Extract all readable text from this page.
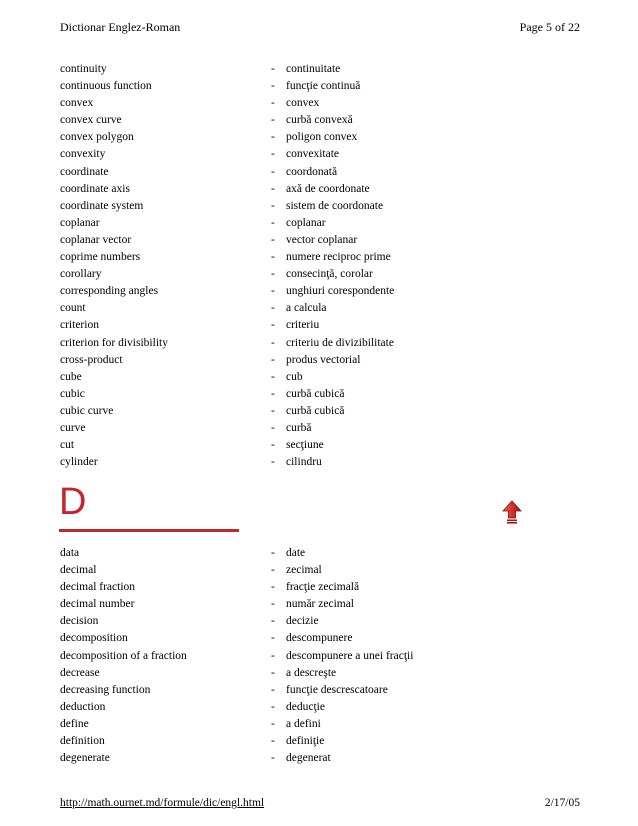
Dictionar Englez-Roman	Page 5 of 22
continuity	- continuitate
continuous function	- funcţie continuă
convex	- convex
convex curve	- curbă convexă
convex polygon	- poligon convex
convexity	- convexitate
coordinate	- coordonată
coordinate axis	- axă de coordonate
coordinate system	- sistem de coordonate
coplanar	- coplanar
coplanar vector	- vector coplanar
coprime numbers	- numere reciproc prime
corollary	- consecinţă, corolar
corresponding angles	- unghiuri corespondente
count	- a calcula
criterion	- criteriu
criterion for divisibility	- criteriu de divizibilitate
cross-product	- produs vectorial
cube	- cub
cubic	- curbă cubică
cubic curve	- curbă cubică
curve	- curbă
cut	- secţiune
cylinder	- cilindru
D
data	- date
decimal	- zecimal
decimal fraction	- fracţie zecimală
decimal number	- număr zecimal
decision	- decizie
decomposition	- descompunere
decomposition of a fraction	- descompunere a unei fracţii
decrease	- a descreşte
decreasing function	- funcţie descrescatoare
deduction	- deducţie
define	- a defini
definition	- definiţie
degenerate	- degenerat
http://math.ournet.md/formule/dic/engl.html	2/17/05
